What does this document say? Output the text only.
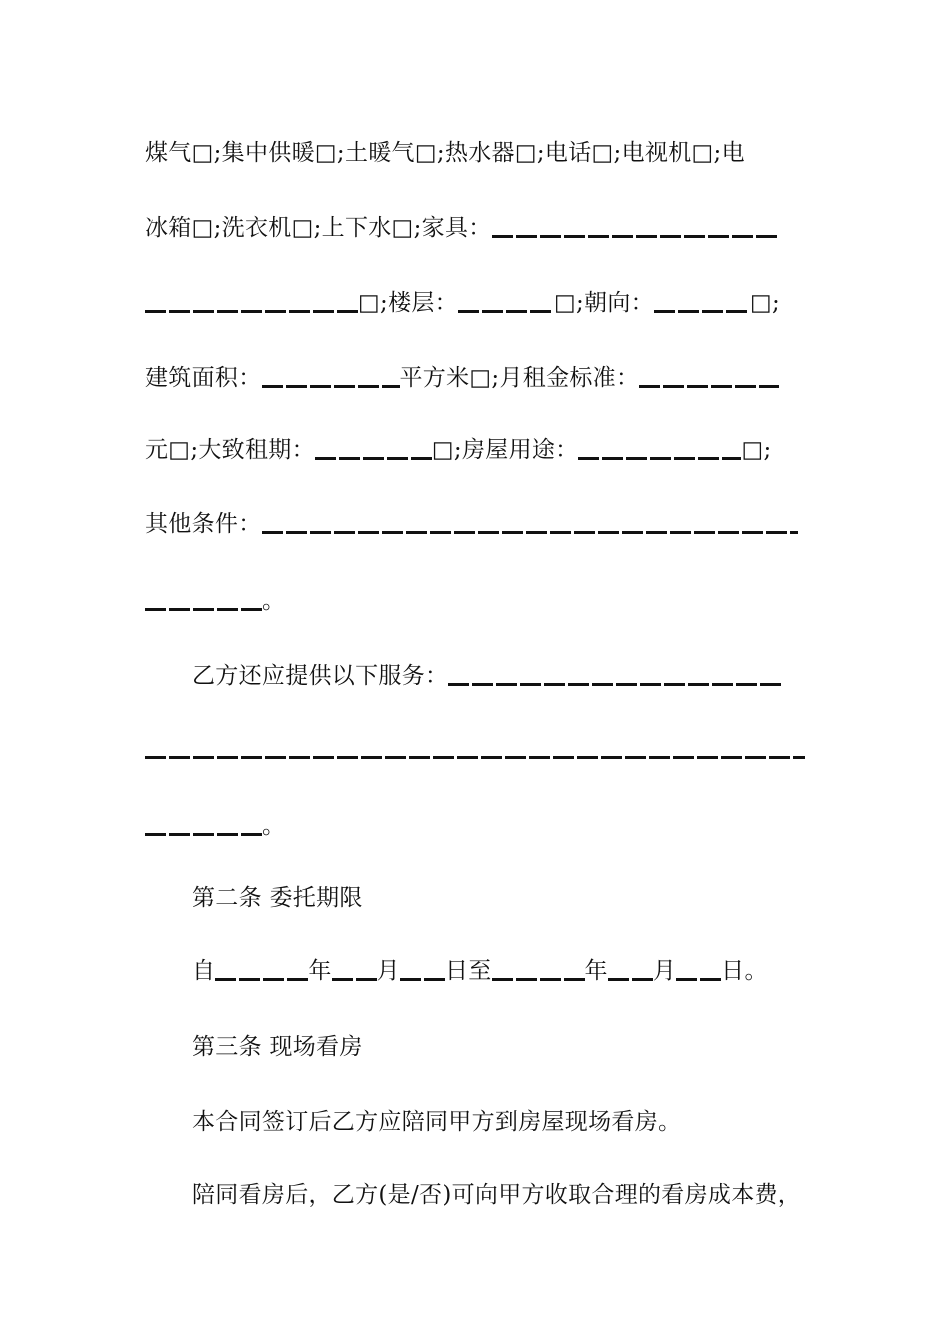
煤气□;集中供暖□;土暖气□;热水器□;电话□;电视机□;电
冰箱□;洗衣机□;上下水□;家具：
□;楼层：	□;朝向：	□;
建筑面积：	平方米□;月租金标准：
元□;大致租期：	□;房屋用途：	□;
其他条件：
。
乙方还应提供以下服务：
。
第二条 委托期限
自	年 月 日至	年 月 日。
第三条 现场看房
本合同签订后乙方应陪同甲方到房屋现场看房。
陪同看房后，乙方(是/否)可向甲方收取合理的看房成本费，
